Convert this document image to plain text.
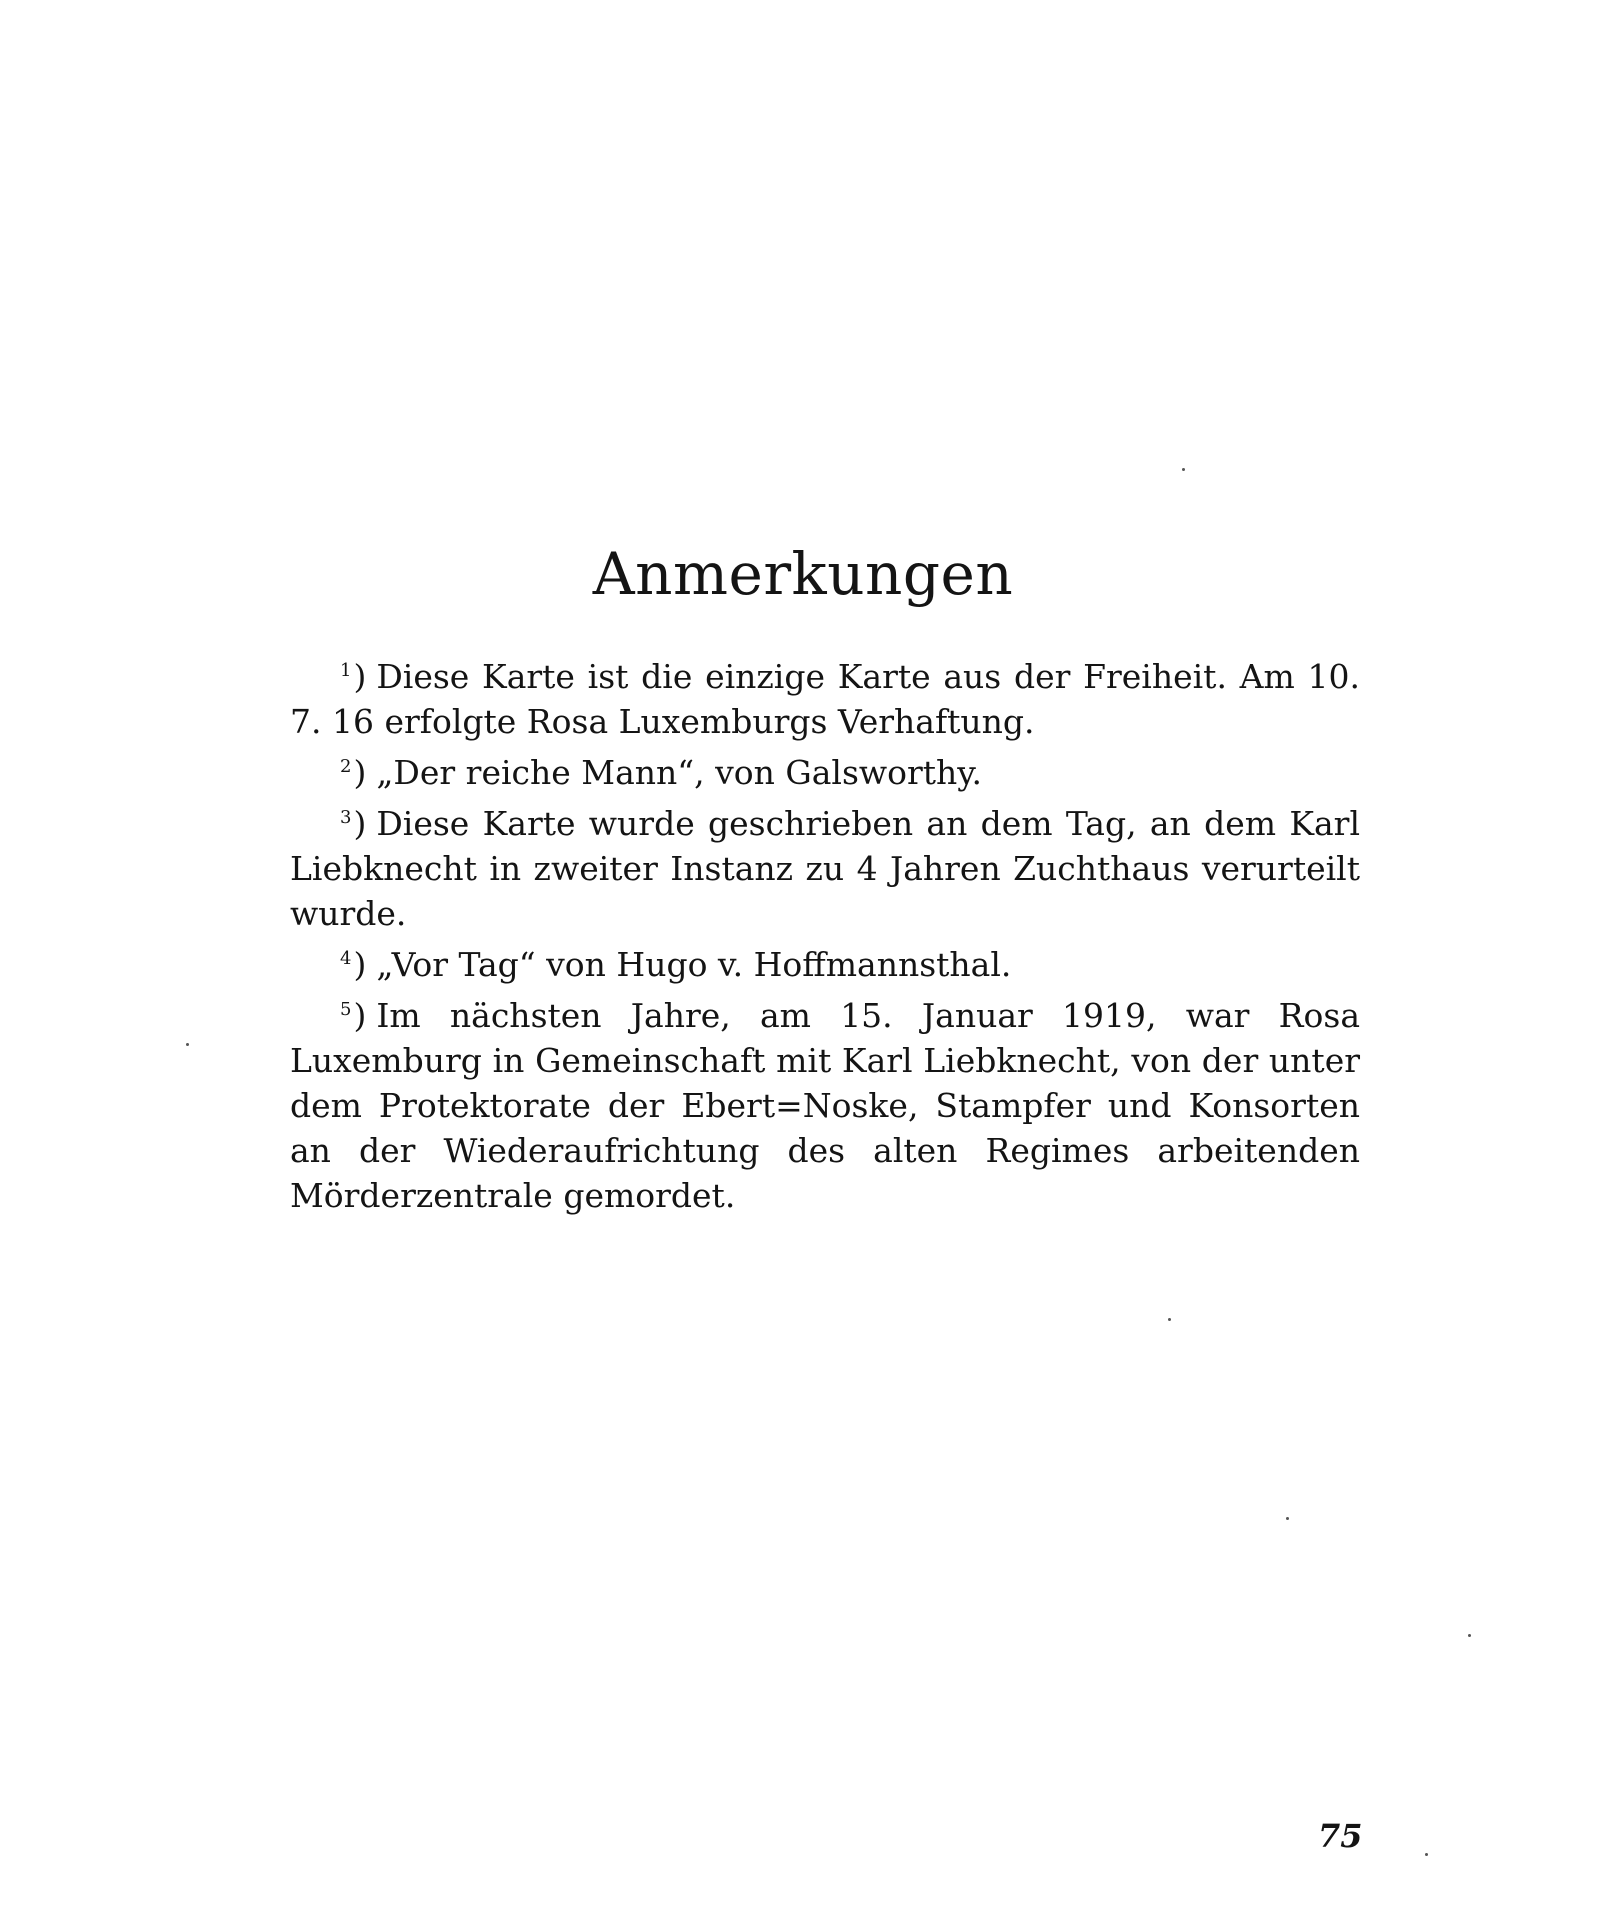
Anmerkungen

$^1$) Diese Karte ist die einzige Karte aus der Freiheit. Am 10. 7. 16 erfolgte Rosa Luxemburgs Verhaftung.

$^2$) „Der reiche Mann“, von Galsworthy.

$^3$) Diese Karte wurde geschrieben an dem Tag, an dem Karl Liebknecht in zweiter Instanz zu 4 Jahren Zuchthaus verurteilt wurde.

$^4$) „Vor Tag“ von Hugo v. Hoffmannsthal.

$^5$) Im nächsten Jahre, am 15. Januar 1919, war Rosa Luxemburg in Gemeinschaft mit Karl Liebknecht, von der unter dem Protektorate der Ebert=Noske, Stampfer und Konsorten an der Wiederaufrichtung des alten Regimes arbeitenden Mörderzentrale gemordet.

75
